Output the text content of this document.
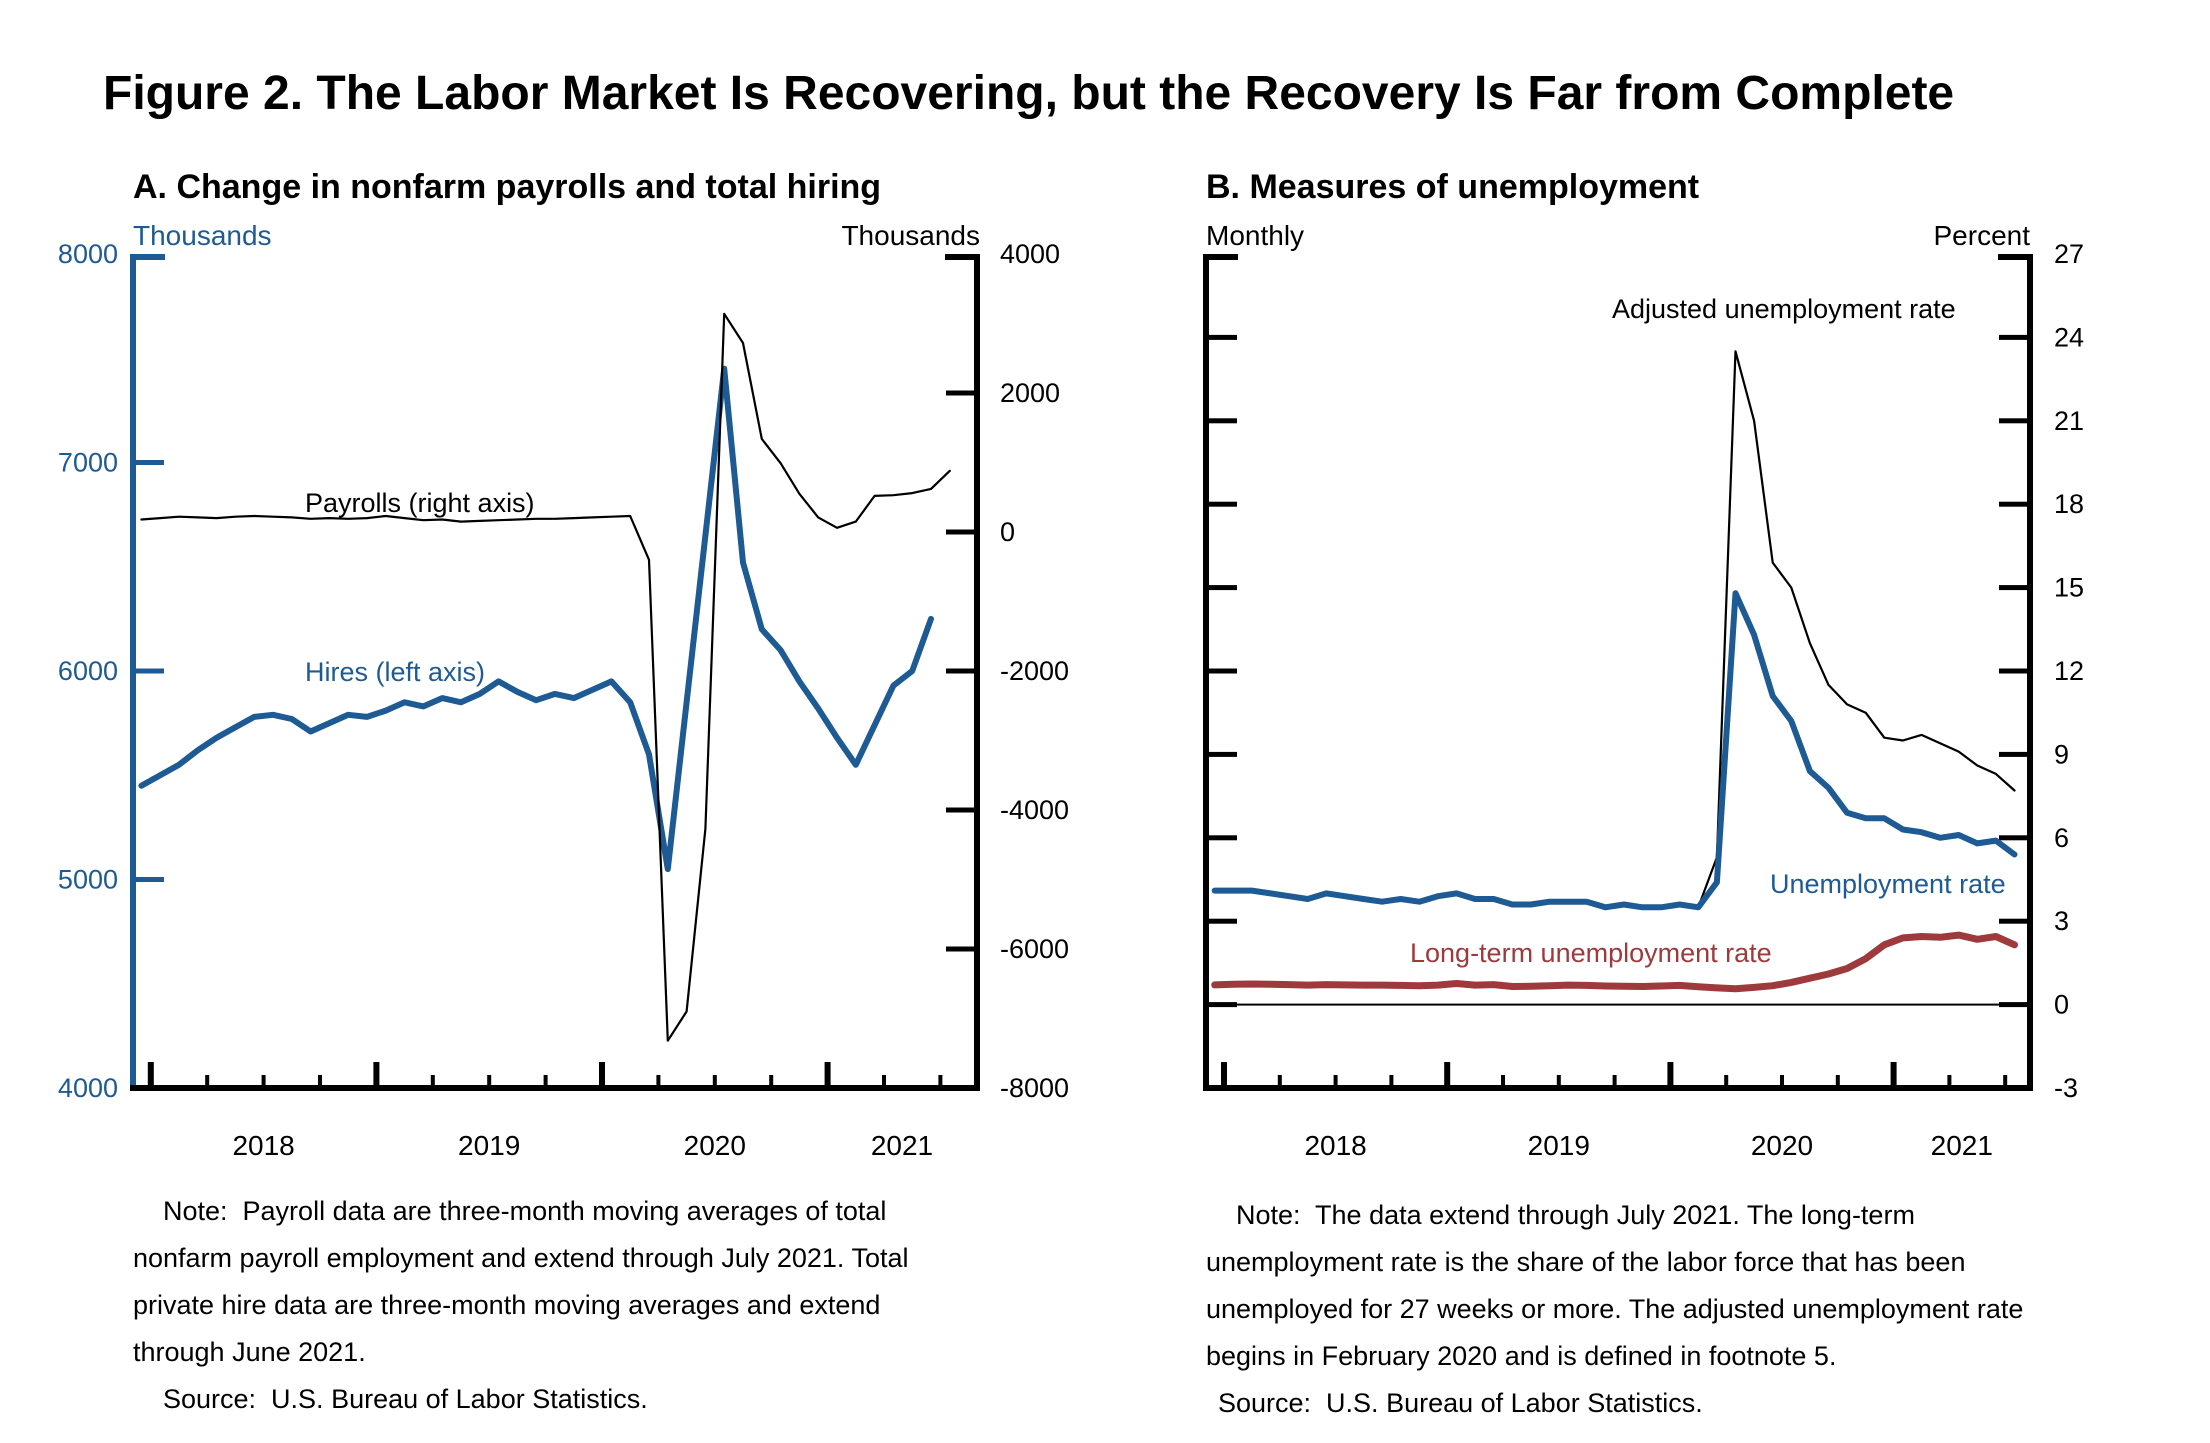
Figure 2. The Labor Market Is Recovering, but the Recovery Is Far from Complete
A. Change in nonfarm payrolls and total hiring	B. Measures of unemployment
Thousands	Thousands	Monthly	Percent
8000
7000
6000
5000
4000
4000
2000
0
-2000
-4000
-6000
-8000
2018	2019	2020	2021
Hires (left axis)
Payrolls (right axis)
27
24
21
18
15
12
9
6
3
0
-3
2018	2019	2020	2021
Adjusted unemployment rate
Unemployment rate
Long-term unemployment rate
Note:  Payroll data are three-month moving averages of total
nonfarm payroll employment and extend through July 2021. Total
private hire data are three-month moving averages and extend
through June 2021.
Source:  U.S. Bureau of Labor Statistics.
Note:  The data extend through July 2021. The long-term
unemployment rate is the share of the labor force that has been
unemployed for 27 weeks or more. The adjusted unemployment rate
begins in February 2020 and is defined in footnote 5.
Source:  U.S. Bureau of Labor Statistics.
